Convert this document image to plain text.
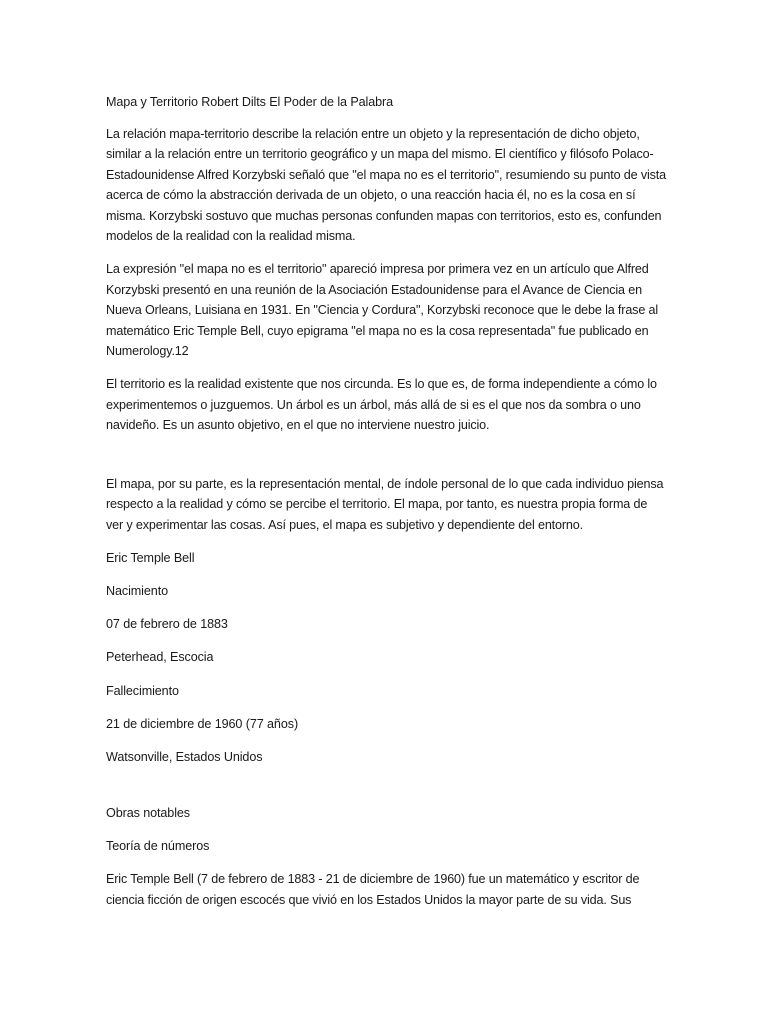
Mapa y Territorio Robert Dilts El Poder de la Palabra

La relación mapa-territorio describe la relación entre un objeto y la representación de dicho objeto, similar a la relación entre un territorio geográfico y un mapa del mismo. El científico y filósofo Polaco-Estadounidense Alfred Korzybski señaló que "el mapa no es el territorio", resumiendo su punto de vista acerca de cómo la abstracción derivada de un objeto, o una reacción hacia él, no es la cosa en sí misma. Korzybski sostuvo que muchas personas confunden mapas con territorios, esto es, confunden modelos de la realidad con la realidad misma.

La expresión "el mapa no es el territorio" apareció impresa por primera vez en un artículo que Alfred Korzybski presentó en una reunión de la Asociación Estadounidense para el Avance de Ciencia en Nueva Orleans, Luisiana en 1931. En "Ciencia y Cordura", Korzybski reconoce que le debe la frase al matemático Eric Temple Bell, cuyo epigrama "el mapa no es la cosa representada" fue publicado en Numerology.12

El territorio es la realidad existente que nos circunda. Es lo que es, de forma independiente a cómo lo experimentemos o juzguemos. Un árbol es un árbol, más allá de si es el que nos da sombra o uno navideño. Es un asunto objetivo, en el que no interviene nuestro juicio.

El mapa, por su parte, es la representación mental, de índole personal de lo que cada individuo piensa respecto a la realidad y cómo se percibe el territorio. El mapa, por tanto, es nuestra propia forma de ver y experimentar las cosas. Así pues, el mapa es subjetivo y dependiente del entorno.

Eric Temple Bell
Nacimiento
07 de febrero de 1883
Peterhead, Escocia
Fallecimiento
21 de diciembre de 1960 (77 años)
Watsonville, Estados Unidos
Obras notables
Teoría de números

Eric Temple Bell (7 de febrero de 1883 - 21 de diciembre de 1960) fue un matemático y escritor de ciencia ficción de origen escocés que vivió en los Estados Unidos la mayor parte de su vida. Sus
